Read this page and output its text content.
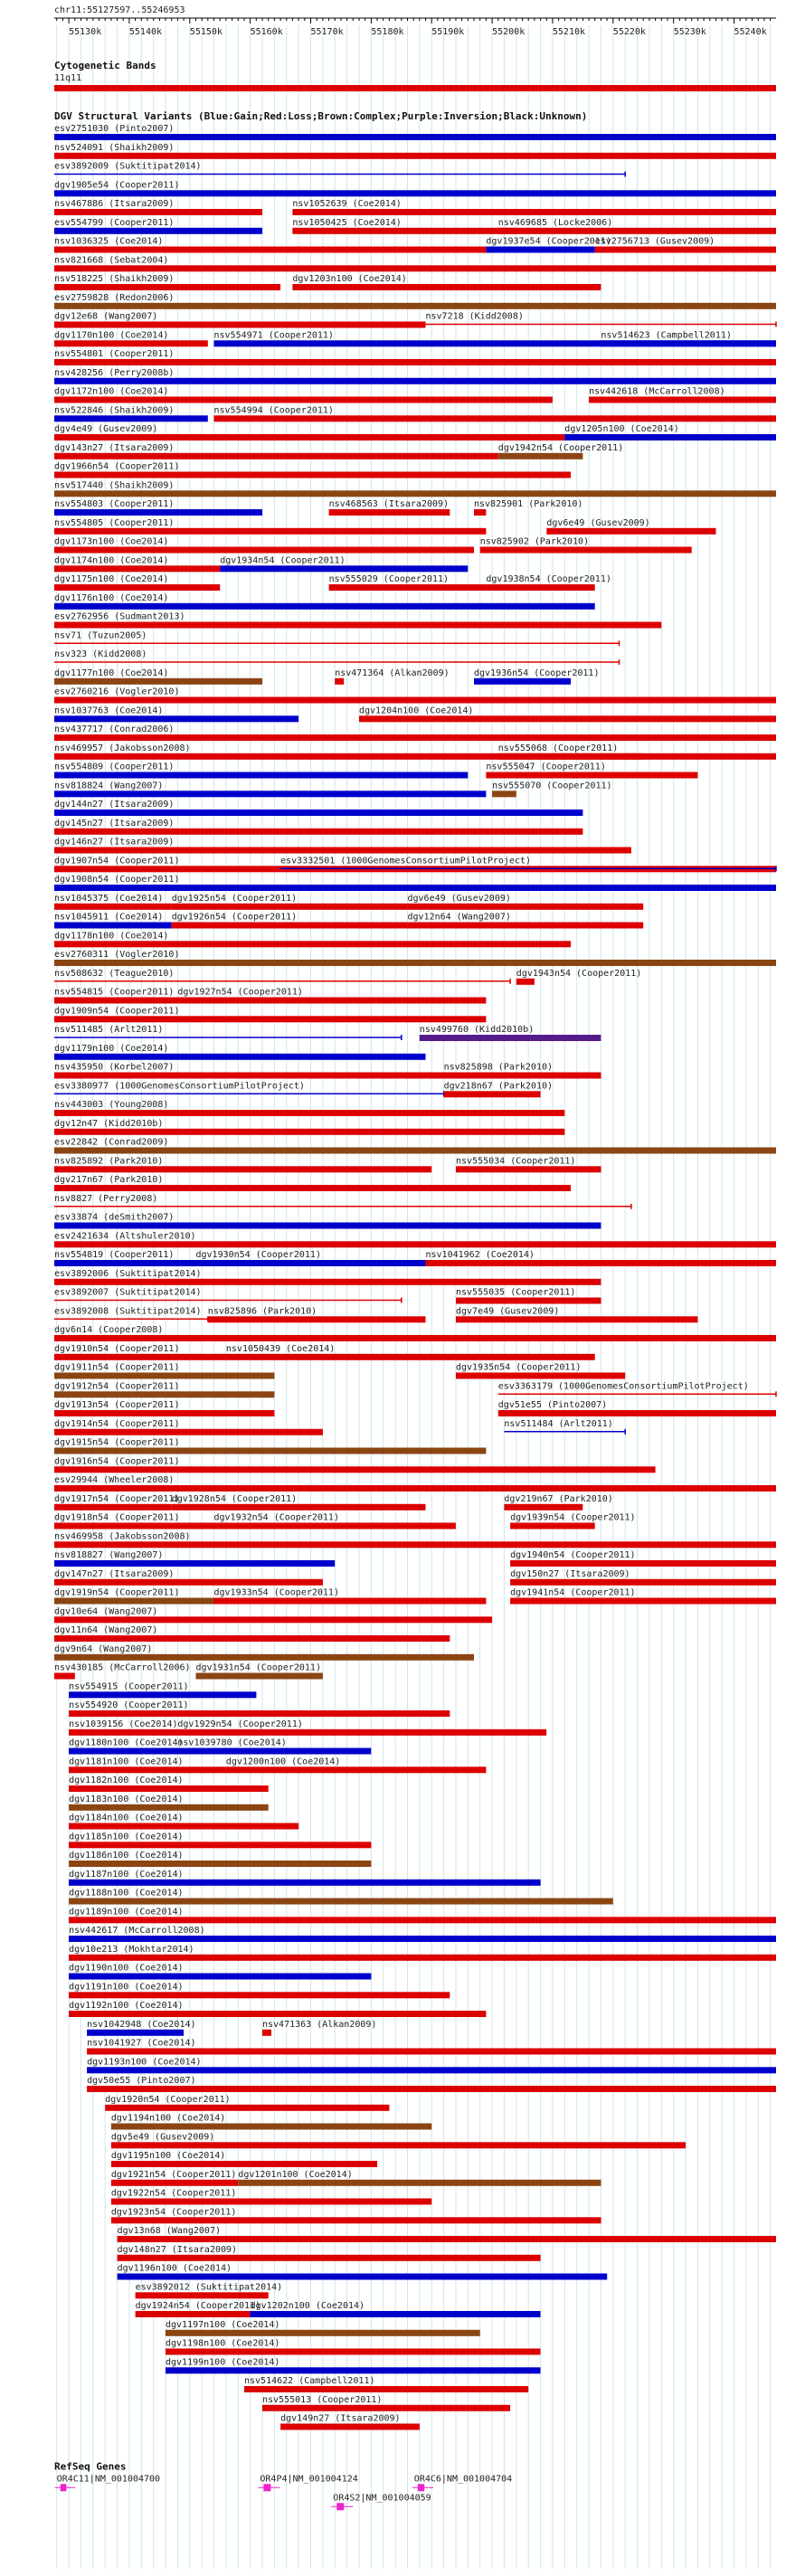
chr11:55127597..55246953
55130k	55140k	55150k	55160k	55170k	55180k	55190k	55200k	55210k	55220k	55230k	55240k
Cytogenetic Bands
11q11
DGV Structural Variants (Blue:Gain;Red:Loss;Brown:Complex;Purple:Inversion;Black:Unknown)
esv2751030 (Pinto2007)
nsv524091 (Shaikh2009)
esv3892009 (Suktitipat2014)
dgv1905e54 (Cooper2011)
nsv467886 (Itsara2009)	nsv1052639 (Coe2014)
esv554799 (Cooper2011)	nsv1050425 (Coe2014)	nsv469685 (Locke2006)
nsv1036325 (Coe2014)	dgv1937e54 (Cooper2011)
esv2756713 (Gusev2009)
nsv821668 (Sebat2004)
nsv518225 (Shaikh2009)	dgv1203n100 (Coe2014)
esv2759828 (Redon2006)
dgv12e68 (Wang2007)	nsv7218 (Kidd2008)
dgv1170n100 (Coe2014)	nsv554971 (Cooper2011)	nsv514623 (Campbell2011)
nsv554801 (Cooper2011)
nsv428256 (Perry2008b)
dgv1172n100 (Coe2014)	nsv442618 (McCarroll2008)
nsv522846 (Shaikh2009)	nsv554994 (Cooper2011)
dgv4e49 (Gusev2009)	dgv1205n100 (Coe2014)
dgv143n27 (Itsara2009)	dgv1942n54 (Cooper2011)
dgv1966n54 (Cooper2011)
nsv517440 (Shaikh2009)
nsv554803 (Cooper2011)	nsv468563 (Itsara2009)	nsv825901 (Park2010)
nsv554805 (Cooper2011)	dgv6e49 (Gusev2009)
dgv1173n100 (Coe2014)	nsv825902 (Park2010)
dgv1174n100 (Coe2014)	dgv1934n54 (Cooper2011)
dgv1175n100 (Coe2014)	nsv555029 (Cooper2011)	dgv1938n54 (Cooper2011)
dgv1176n100 (Coe2014)
esv2762956 (Sudmant2013)
nsv71 (Tuzun2005)
nsv323 (Kidd2008)
dgv1177n100 (Coe2014)	nsv471364 (Alkan2009)	dgv1936n54 (Cooper2011)
esv2760216 (Vogler2010)
nsv1037763 (Coe2014)	dgv1204n100 (Coe2014)
nsv437717 (Conrad2006)
nsv469957 (Jakobsson2008)	nsv555068 (Cooper2011)
nsv554809 (Cooper2011)	nsv555047 (Cooper2011)
nsv818824 (Wang2007)	nsv555070 (Cooper2011)
dgv144n27 (Itsara2009)
dgv145n27 (Itsara2009)
dgv146n27 (Itsara2009)
dgv1907n54 (Cooper2011)	esv3332501 (1000GenomesConsortiumPilotProject)
dgv1908n54 (Cooper2011)
nsv1045375 (Coe2014) dgv1925n54 (Cooper2011)	dgv6e49 (Gusev2009)
nsv1045911 (Coe2014) dgv1926n54 (Cooper2011)	dgv12n64 (Wang2007)
dgv1178n100 (Coe2014)
esv2760311 (Vogler2010)
nsv508632 (Teague2010)	dgv1943n54 (Cooper2011)
nsv554815 (Cooper2011) dgv1927n54 (Cooper2011)
dgv1909n54 (Cooper2011)
nsv511485 (Arlt2011)	nsv499760 (Kidd2010b)
dgv1179n100 (Coe2014)
nsv435950 (Korbel2007)	nsv825898 (Park2010)
esv3380977 (1000GenomesConsortiumPilotProject)	dgv218n67 (Park2010)
nsv443003 (Young2008)
dgv12n47 (Kidd2010b)
esv22842 (Conrad2009)
nsv825892 (Park2010)	nsv555034 (Cooper2011)
dgv217n67 (Park2010)
nsv8827 (Perry2008)
esv33874 (deSmith2007)
esv2421634 (Altshuler2010)
nsv554819 (Cooper2011) dgv1930n54 (Cooper2011)	nsv1041962 (Coe2014)
esv3892006 (Suktitipat2014)
esv3892007 (Suktitipat2014)	nsv555035 (Cooper2011)
esv3892008 (Suktitipat2014) nsv825896 (Park2010)	dgv7e49 (Gusev2009)
dgv6n14 (Cooper2008)
dgv1910n54 (Cooper2011)	nsv1050439 (Coe2014)
dgv1911n54 (Cooper2011)	dgv1935n54 (Cooper2011)
dgv1912n54 (Cooper2011)	esv3363179 (1000GenomesConsortiumPilotProject)
dgv1913n54 (Cooper2011)	dgv51e55 (Pinto2007)
dgv1914n54 (Cooper2011)	nsv511484 (Arlt2011)
dgv1915n54 (Cooper2011)
dgv1916n54 (Cooper2011)
esv29944 (Wheeler2008)
dgv1917n54 (Cooper2011)
dgv1928n54 (Cooper2011)	dgv219n67 (Park2010)
dgv1918n54 (Cooper2011)	dgv1932n54 (Cooper2011)	dgv1939n54 (Cooper2011)
nsv469958 (Jakobsson2008)
nsv818827 (Wang2007)	dgv1940n54 (Cooper2011)
dgv147n27 (Itsara2009)	dgv150n27 (Itsara2009)
dgv1919n54 (Cooper2011)	dgv1933n54 (Cooper2011)	dgv1941n54 (Cooper2011)
dgv10e64 (Wang2007)
dgv11n64 (Wang2007)
dgv9n64 (Wang2007)
nsv430185 (McCarroll2006) dgv1931n54 (Cooper2011)
nsv554915 (Cooper2011)
nsv554920 (Cooper2011)
nsv1039156 (Coe2014) dgv1929n54 (Cooper2011)
dgv1180n100 (Coe2014)
nsv1039780 (Coe2014)
dgv1181n100 (Coe2014)	dgv1200n100 (Coe2014)
dgv1182n100 (Coe2014)
dgv1183n100 (Coe2014)
dgv1184n100 (Coe2014)
dgv1185n100 (Coe2014)
dgv1186n100 (Coe2014)
dgv1187n100 (Coe2014)
dgv1188n100 (Coe2014)
dgv1189n100 (Coe2014)
nsv442617 (McCarroll2008)
dgv10e213 (Mokhtar2014)
dgv1190n100 (Coe2014)
dgv1191n100 (Coe2014)
dgv1192n100 (Coe2014)
nsv1042948 (Coe2014)	nsv471363 (Alkan2009)
nsv1041927 (Coe2014)
dgv1193n100 (Coe2014)
dgv50e55 (Pinto2007)
dgv1920n54 (Cooper2011)
dgv1194n100 (Coe2014)
dgv5e49 (Gusev2009)
dgv1195n100 (Coe2014)
dgv1921n54 (Cooper2011) dgv1201n100 (Coe2014)
dgv1922n54 (Cooper2011)
dgv1923n54 (Cooper2011)
dgv13n68 (Wang2007)
dgv148n27 (Itsara2009)
dgv1196n100 (Coe2014)
esv3892012 (Suktitipat2014)
dgv1924n54 (Cooper2011)
dgv1202n100 (Coe2014)
dgv1197n100 (Coe2014)
dgv1198n100 (Coe2014)
dgv1199n100 (Coe2014)
nsv514622 (Campbell2011)
nsv555013 (Cooper2011)
dgv149n27 (Itsara2009)
RefSeq Genes
OR4C11|NM_001004700	OR4P4|NM_001004124	OR4C6|NM_001004704
OR4S2|NM_001004059
